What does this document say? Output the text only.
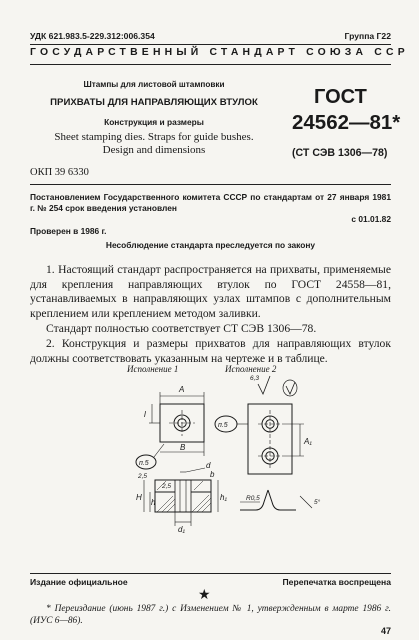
УДК 621.983.5-229.312:006.354	Группа Г22
ГОСУДАРСТВЕННЫЙ СТАНДАРТ СОЮЗА ССР
Штампы для листовой штамповки
ПРИХВАТЫ ДЛЯ НАПРАВЛЯЮЩИХ ВТУЛОК
Конструкция и размеры
Sheet stamping dies. Straps for guide bushes.
Design and dimensions
ОКП 39 6330
ГОСТ
24562—81*
(СТ СЭВ 1306—78)
Постановлением Государственного комитета СССР по стандартам от 27 января 1981 г. № 254 срок введения установлен
с 01.01.82
Проверен в 1986 г.
Несоблюдение стандарта преследуется по закону
1. Настоящий стандарт распространяется на прихваты, применяемые для крепления направляющих втулок по ГОСТ 24558—81, устанавливаемых в направляющих узлах штампов с дополнительным креплением или креплением методом заливки.
Стандарт полностью соответствует СТ СЭВ 1306—78.
2. Конструкция и размеры прихватов для направляющих втулок должны соответствовать указанным на чертеже и в таблице.
Исполнение 1	Исполнение 2
A
l
B
п.5	d
b
d₁
H
h
h₁
2,5
2,5
A₁
п.5
6,3
R0,5
5°
Издание официальное	Перепечатка воспрещена
★
* Переиздание (июнь 1987 г.) с Изменением № 1, утвержденным в марте 1986 г. (ИУС 6—86).
47
